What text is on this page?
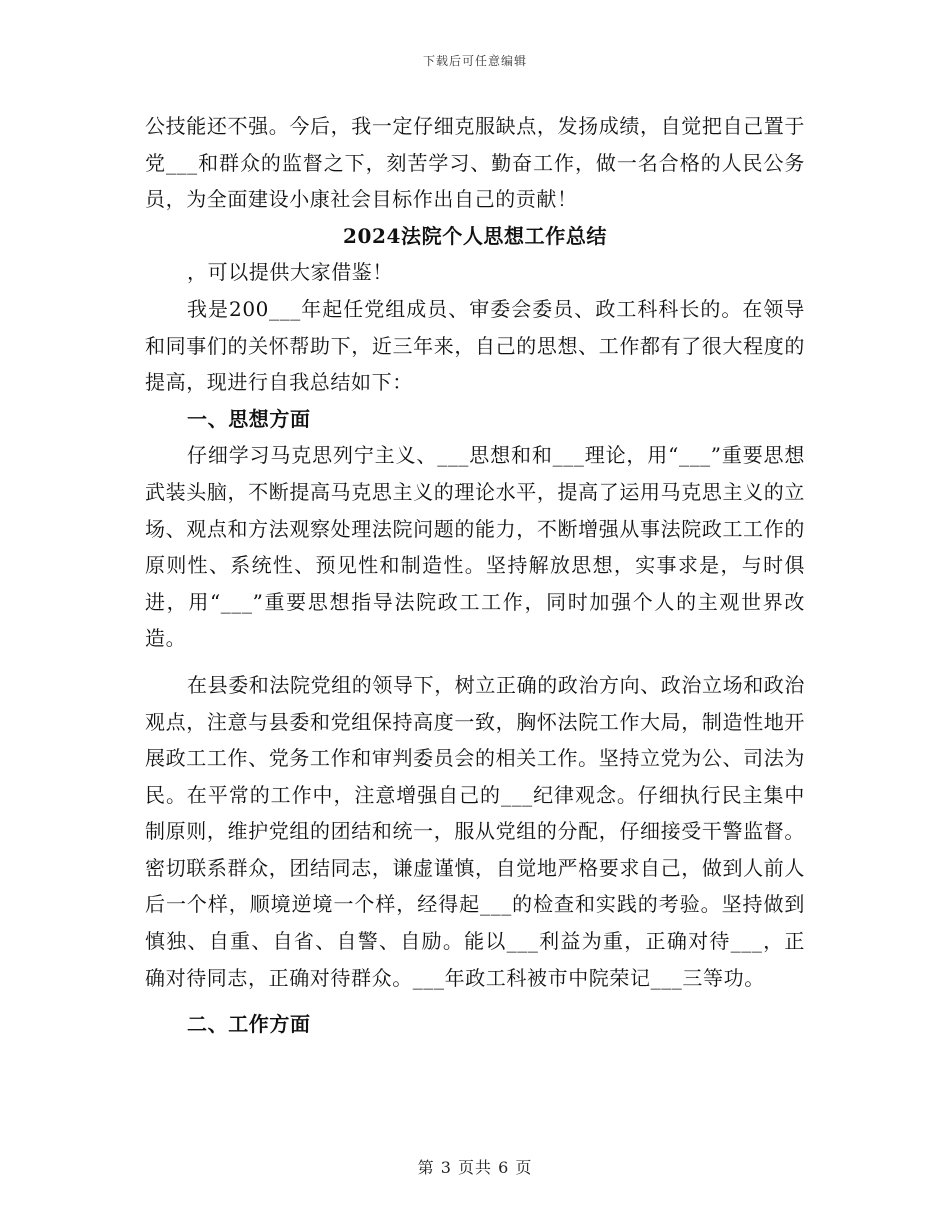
下载后可任意编辑

公技能还不强。今后，我一定仔细克服缺点，发扬成绩，自觉把自己置于党___和群众的监督之下，刻苦学习、勤奋工作，做一名合格的人民公务员，为全面建设小康社会目标作出自己的贡献！

2024法院个人思想工作总结

，可以提供大家借鉴！

我是200___年起任党组成员、审委会委员、政工科科长的。在领导和同事们的关怀帮助下，近三年来，自己的思想、工作都有了很大程度的提高，现进行自我总结如下：

一、思想方面

仔细学习马克思列宁主义、___思想和和___理论，用“___”重要思想武装头脑，不断提高马克思主义的理论水平，提高了运用马克思主义的立场、观点和方法观察处理法院问题的能力，不断增强从事法院政工工作的原则性、系统性、预见性和制造性。坚持解放思想，实事求是，与时俱进，用“___”重要思想指导法院政工工作，同时加强个人的主观世界改造。

在县委和法院党组的领导下，树立正确的政治方向、政治立场和政治观点，注意与县委和党组保持高度一致，胸怀法院工作大局，制造性地开展政工工作、党务工作和审判委员会的相关工作。坚持立党为公、司法为民。在平常的工作中，注意增强自己的___纪律观念。仔细执行民主集中制原则，维护党组的团结和统一，服从党组的分配，仔细接受干警监督。密切联系群众，团结同志，谦虚谨慎，自觉地严格要求自己，做到人前人后一个样，顺境逆境一个样，经得起___的检查和实践的考验。坚持做到慎独、自重、自省、自警、自励。能以___利益为重，正确对待___，正确对待同志，正确对待群众。___年政工科被市中院荣记___三等功。

二、工作方面

第 3 页共 6 页
